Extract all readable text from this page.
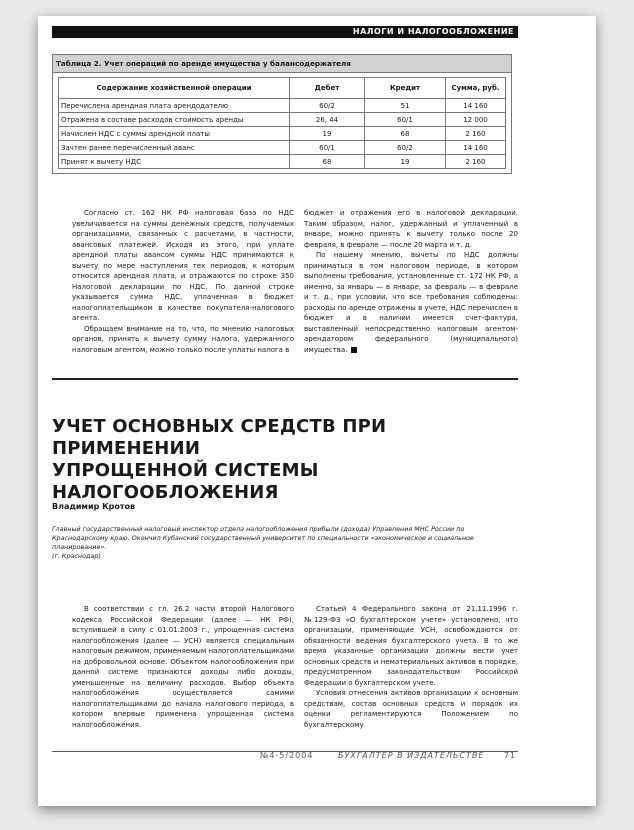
НАЛОГИ И НАЛОГООБЛОЖЕНИЕ
Таблица 2. Учет операций по аренде имущества у балансодержателя
Содержание хозяйственной операции	Дебет	Кредит	Сумма, руб.
Перечислена арендная плата арендодателю	60/2	51	14 160
Отражена в составе расходов стоимость аренды	26, 44	60/1	12 000
Начислен НДС с суммы арендной платы	19	68	2 160
Зачтен ранее перечисленный аванс	60/1	60/2	14 160
Принят к вычету НДС	68	19	2 160

Согласно ст. 162 НК РФ налоговая база по НДС увеличивается на суммы денежных средств, получаемых организациями, связанных с расчетами, в частности, авансовых платежей. Исходя из этого, при уплате арендной платы авансом суммы НДС принимаются к вычету по мере наступления тех периодов, к которым относится арендная плата, и отражаются по строке 350 Налоговой декларации по НДС. По данной строке указывается сумма НДС, уплаченная в бюджет налогоплательщиком в качестве покупателя-налогового агента.

Обращаем внимание на то, что, по мнению налоговых органов, принять к вычету сумму налога, удержанного налоговым агентом, можно только после уплаты налога в

бюджет и отражения его в налоговой декларации. Таким образом, налог, удержанный и уплаченный в январе, можно принять к вычету только после 20 февраля, в феврале — после 20 марта и т. д.

По нашему мнению, вычеты по НДС должны приниматься в том налоговом периоде, в котором выполнены требования, установленные ст. 172 НК РФ, а именно, за январь — в январе, за февраль — в феврале и т. д., при условии, что все требования соблюдены: расходы по аренде отражены в учете, НДС перечислен в бюджет и в наличии имеется счет-фактура, выставленный непосредственно налоговым агентом-арендатором федерального (муниципального) имущества.

УЧЕТ ОСНОВНЫХ СРЕДСТВ ПРИ ПРИМЕНЕНИИ
УПРОЩЕННОЙ СИСТЕМЫ НАЛОГООБЛОЖЕНИЯ
Владимир Кротов
Главный государственный налоговый инспектор отдела налогообложения прибыли (дохода) Управления МНС России по Краснодарскому краю. Окончил Кубанский государственный университет по специальности «экономическое и социальное планирование».
(г. Краснодар)

В соответствии с гл. 26.2 части второй Налогового кодекса Российской Федерации (далее — НК РФ), вступившей в силу с 01.01.2003 г., упрощенная система налогообложения (далее — УСН) является специальным налоговым режимом, применяемым налогоплательщиками на добровольной основе. Объектом налогообложения при данной системе признаются доходы либо доходы, уменьшенные на величину расходов. Выбор объекта налогообложения осуществляется самими налогоплательщиками до начала налогового периода, в котором впервые применена упрощенная система налогообложения.

Статьей 4 Федерального закона от 21.11.1996 г. №129-ФЗ «О бухгалтерском учете» установлено, что организации, применяющие УСН, освобождаются от обязанности ведения бухгалтерского учета. В то же время указанные организации должны вести учет основных средств и нематериальных активов в порядке, предусмотренном законодательством Российской Федерации о бухгалтерском учете.

Условия отнесения активов организации к основным средствам, состав основных средств и порядок их оценки регламентируются Положением по бухгалтерскому

№4-5/2004	БУХГАЛТЕР В ИЗДАТЕЛЬСТВЕ 71
